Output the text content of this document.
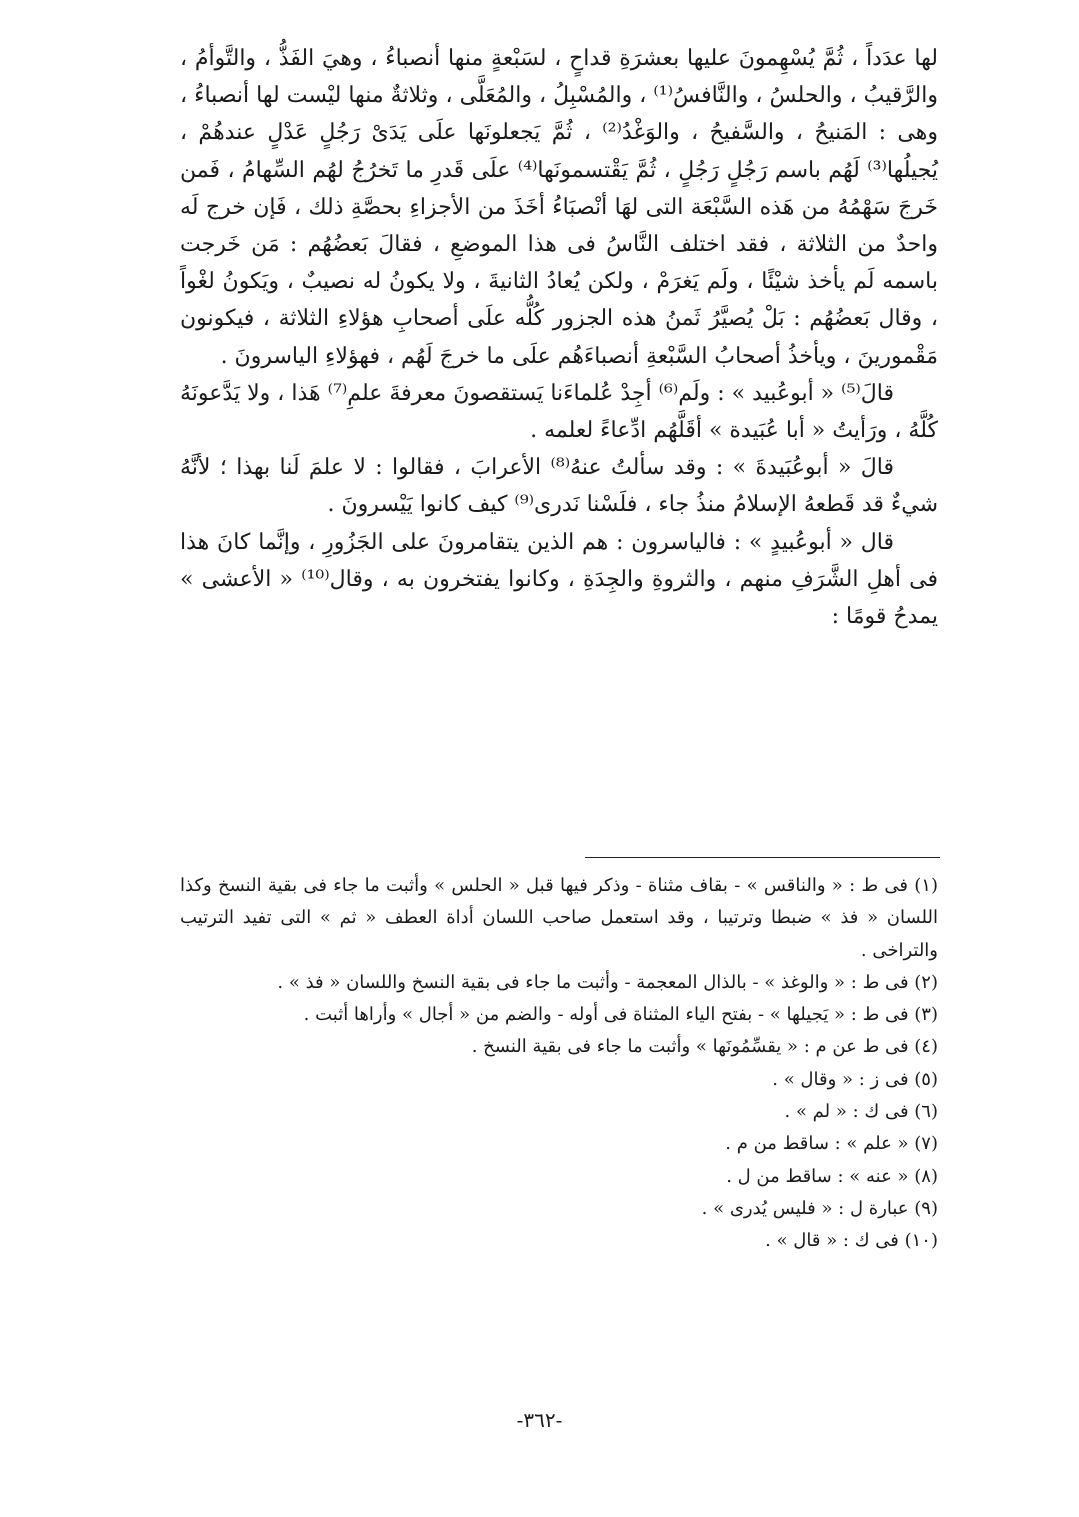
لها عدَداً ، ثُمَّ يُسْهِمونَ عليها بعشرَةِ قداحٍ ، لسَبْعةٍ منها أنصباءُ ، وهيَ الفَذُّ ، والتَّوأمُ ، والرَّقيبُ ، والحلسُ ، والنَّافسُ⁽¹⁾ ، والمُسْبِلُ ، والمُعَلَّى ، وثلاثةٌ منها ليْست لها أنصباءُ ، وهى : المَنيحُ ، والسَّفيحُ ، والوَغْدُ⁽²⁾ ، ثُمَّ يَجعلونَها علَى يَدَىْ رَجُلٍ عَدْلٍ عندهُمْ ، يُجيلُها⁽³⁾ لَهُم باسم رَجُلٍ رَجُلٍ ، ثُمَّ يَقْتسمونَها⁽⁴⁾ علَى قَدرِ ما تَخرُجُ لهُم السِّهامُ ، فَمن خَرجَ سَهْمُهُ من هَذه السَّبْعَة التى لهَا أنْصبَاءُ أخَذَ من الأجزاءِ بحصَّةِ ذلك ، فَإن خرج لَه واحدٌ من الثلاثة ، فقد اختلف النَّاسُ فى هذا الموضعِ ، فقالَ بَعضُهُم : مَن خَرجت باسمه لَم يأخذ شيْئًا ، ولَم يَغرَمْ ، ولكن يُعادُ الثانيةَ ، ولا يكونُ له نصيبٌ ، ويَكونُ لغْواً ، وقال بَعضُهُم : بَلْ يُصيَّرُ ثَمنُ هذه الجزور كُلُّه علَى أصحابِ هؤلاءِ الثلاثة ، فيكونون مَقْمورينَ ، ويأخذُ أصحابُ السَّبْعةِ أنصباءَهُم علَى ما خرجَ لَهُم ، فهؤلاءِ الياسرونَ .

قالَ⁽⁵⁾ « أبوعُبيد » : ولَم⁽⁶⁾ أجِدْ عُلماءَنا يَستقصونَ معرفةَ علمِ⁽⁷⁾ هَذا ، ولا يَدَّعونَهُ كُلَّهُ ، ورَأيتُ « أبا عُبَيدة » أقَلَّهُم ادِّعاءً لعلمه .

قالَ « أبوعُبَيدةَ » : وقد سألتُ عنهُ⁽⁸⁾ الأعرابَ ، فقالوا : لا علمَ لَنا بهذا ؛ لأنَّهُ شيءٌ قد قَطعهُ الإسلامُ منذُ جاء ، فلَسْنا نَدرى⁽⁹⁾ كيف كانوا يَيْسرونَ .

قال « أبوعُبيدٍ » : فالياسرون : هم الذين يتقامرونَ على الجَزُورِ ، وإنَّما كانَ هذا فى أهلِ الشَّرَفِ منهم ، والثروةِ والجِدَةِ ، وكانوا يفتخرون به ، وقال⁽¹⁰⁾ « الأعشى » يمدحُ قومًا :

(١) فى ط : « والناقس » - بقاف مثناة - وذكر فيها قبل « الحلس » وأثبت ما جاء فى بقية النسخ وكذا اللسان « فذ » ضبطا وترتيبا ، وقد استعمل صاحب اللسان أداة العطف « ثم » التى تفيد الترتيب والتراخى .

(٢) فى ط : « والوغذ » - بالذال المعجمة - وأثبت ما جاء فى بقية النسخ واللسان « فذ » .

(٣) فى ط : « يَجيلها » - بفتح الياء المثناة فى أوله - والضم من « أجال » وأراها أثبت .

(٤) فى ط عن م : « يقسِّمُونَها » وأثبت ما جاء فى بقية النسخ .

(٥) فى ز : « وقال » .

(٦) فى ك : « لم » .

(٧) « علم » : ساقط من م .

(٨) « عنه » : ساقط من ل .

(٩) عبارة ل : « فليس يُدرى » .

(١٠) فى ك : « قال » .

-٣٦٢-
